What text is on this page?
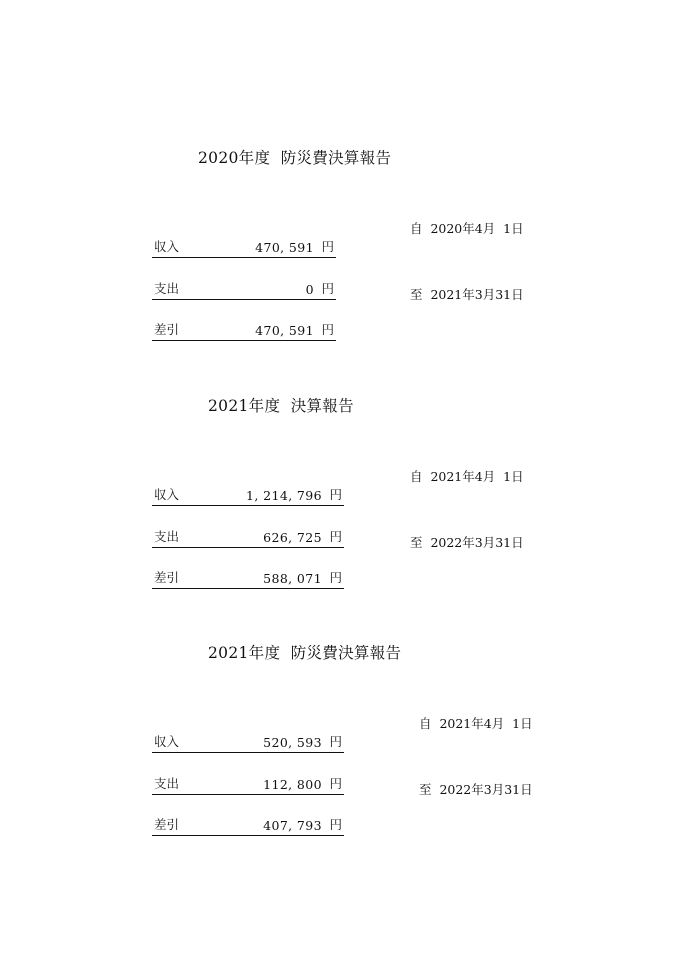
2020年度  防災費決算報告

自  2020年4月  1日

至  2021年3月31日

収入	470, 591 円
支出	0 円
差引	470, 591 円
2021年度  決算報告

自  2021年4月  1日

至  2022年3月31日

収入	1, 214, 796 円
支出	626, 725 円
差引	588, 071 円
2021年度  防災費決算報告

自  2021年4月  1日

至  2022年3月31日

収入	520, 593 円
支出	112, 800 円
差引	407, 793 円
